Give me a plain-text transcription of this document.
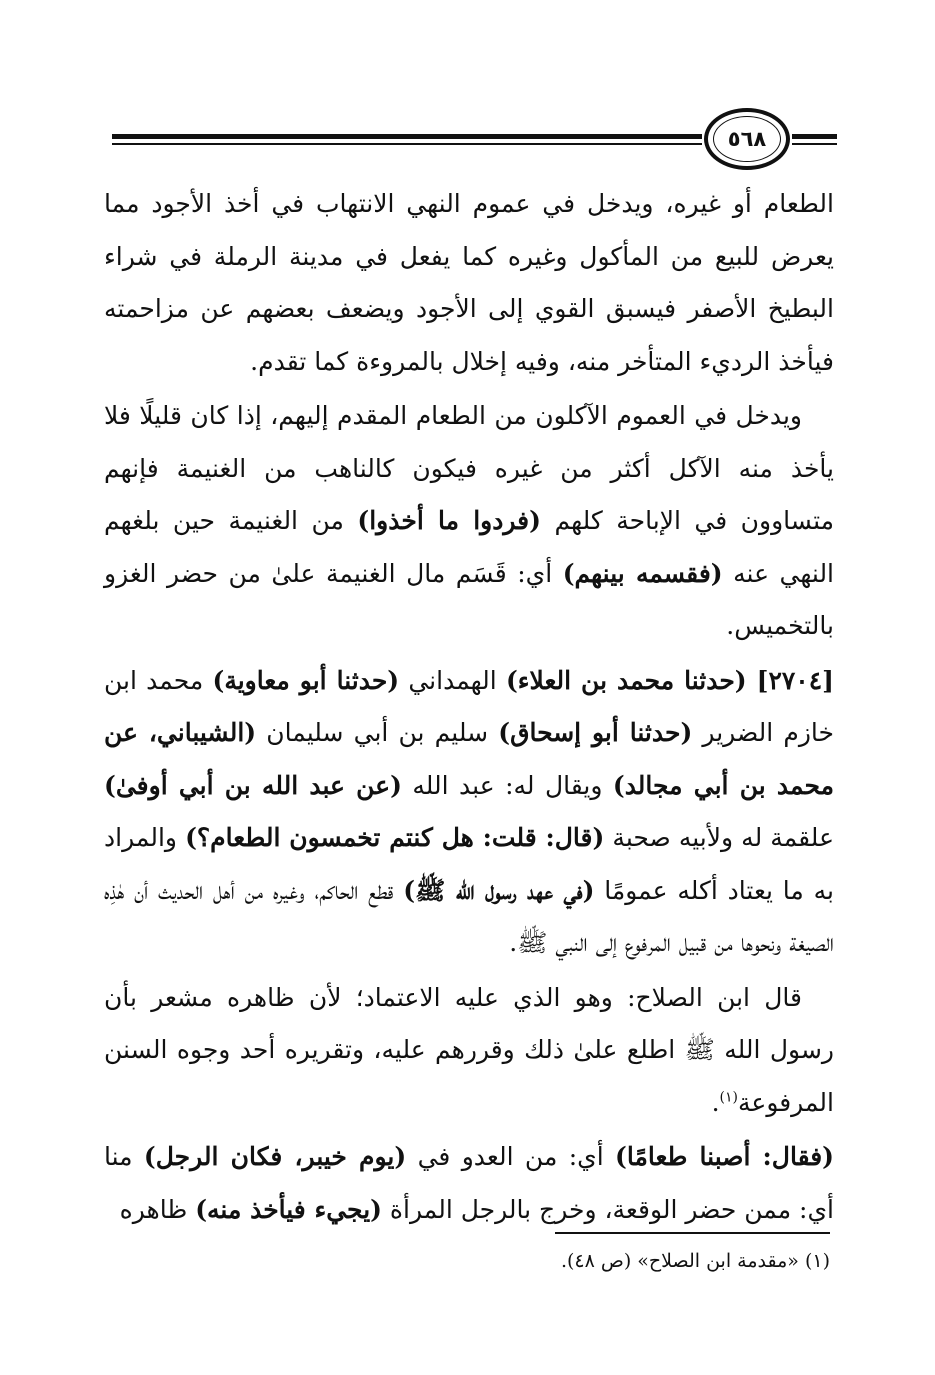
٥٦٨

الطعام أو غيره، ويدخل في عموم النهي الانتهاب في أخذ الأجود مما يعرض للبيع من المأكول وغيره كما يفعل في مدينة الرملة في شراء البطيخ الأصفر فيسبق القوي إلى الأجود ويضعف بعضهم عن مزاحمته فيأخذ الرديء المتأخر منه، وفيه إخلال بالمروءة كما تقدم.

ويدخل في العموم الآكلون من الطعام المقدم إليهم، إذا كان قليلًا فلا يأخذ منه الآكل أكثر من غيره فيكون كالناهب من الغنيمة فإنهم متساوون في الإباحة كلهم (فردوا ما أخذوا) من الغنيمة حين بلغهم النهي عنه (فقسمه بينهم) أي: قَسَم مال الغنيمة علىٰ من حضر الغزو بالتخميس.

[٢٧٠٤] (حدثنا محمد بن العلاء) الهمداني (حدثنا أبو معاوية) محمد ابن خازم الضرير (حدثنا أبو إسحاق) سليم بن أبي سليمان (الشيباني، عن محمد بن أبي مجالد) ويقال له: عبد الله (عن عبد الله بن أبي أوفىٰ) علقمة له ولأبيه صحبة (قال: قلت: هل كنتم تخمسون الطعام؟) والمراد به ما يعتاد أكله عمومًا (في عهد رسول الله ﷺ) قطع الحاكم، وغيره من أهل الحديث أن هٰذِه الصيغة ونحوها من قبيل المرفوع إلى النبي ﷺ.

قال ابن الصلاح: وهو الذي عليه الاعتماد؛ لأن ظاهره مشعر بأن رسول الله ﷺ اطلع علىٰ ذلك وقررهم عليه، وتقريره أحد وجوه السنن المرفوعة$^{(١)}$.

(فقال: أصبنا طعامًا) أي: من العدو في (يوم خيبر، فكان الرجل) منا أي: ممن حضر الوقعة، وخرج بالرجل المرأة (يجيء فيأخذ منه) ظاهره

(١) «مقدمة ابن الصلاح» (ص ٤٨).
